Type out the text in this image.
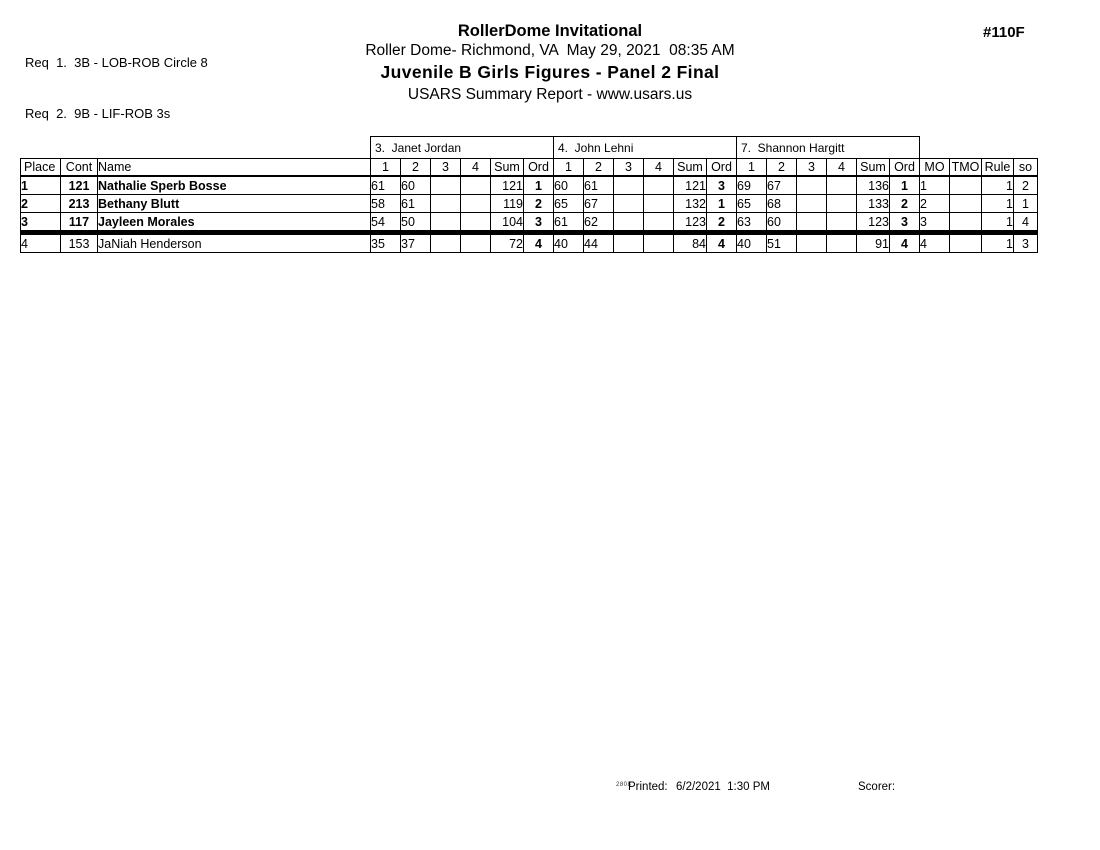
Req  1.  3B - LOB-ROB Circle 8

Req  2.  9B - LIF-ROB 3s

#110F
RollerDome Invitational
Roller Dome- Richmond, VA  May 29, 2021  08:35 AM
Juvenile B Girls Figures - Panel 2 Final
USARS Summary Report - www.usars.us
			3.  Janet Jordan						4.  John Lehni						7.  Shannon Hargitt									
Place	Cont	Name	1	2	3	4	Sum	Ord	1	2	3	4	Sum	Ord	1	2	3	4	Sum	Ord	MO	TMO	Rule	so
1	121	Nathalie Sperb Bosse	61	60			121	1	60	61			121	3	69	67			136	1	1		1	2
2	213	Bethany Blutt	58	61			119	2	65	67			132	1	65	68			133	2	2		1	1
3	117	Jayleen Morales	54	50			104	3	61	62			123	2	63	60			123	3	3		1	4
4	153	JaNiah Henderson	35	37			72	4	40	44			84	4	40	51			91	4	4		1	3
2808
Printed: 6/2/2021  1:30 PM	Scorer:
